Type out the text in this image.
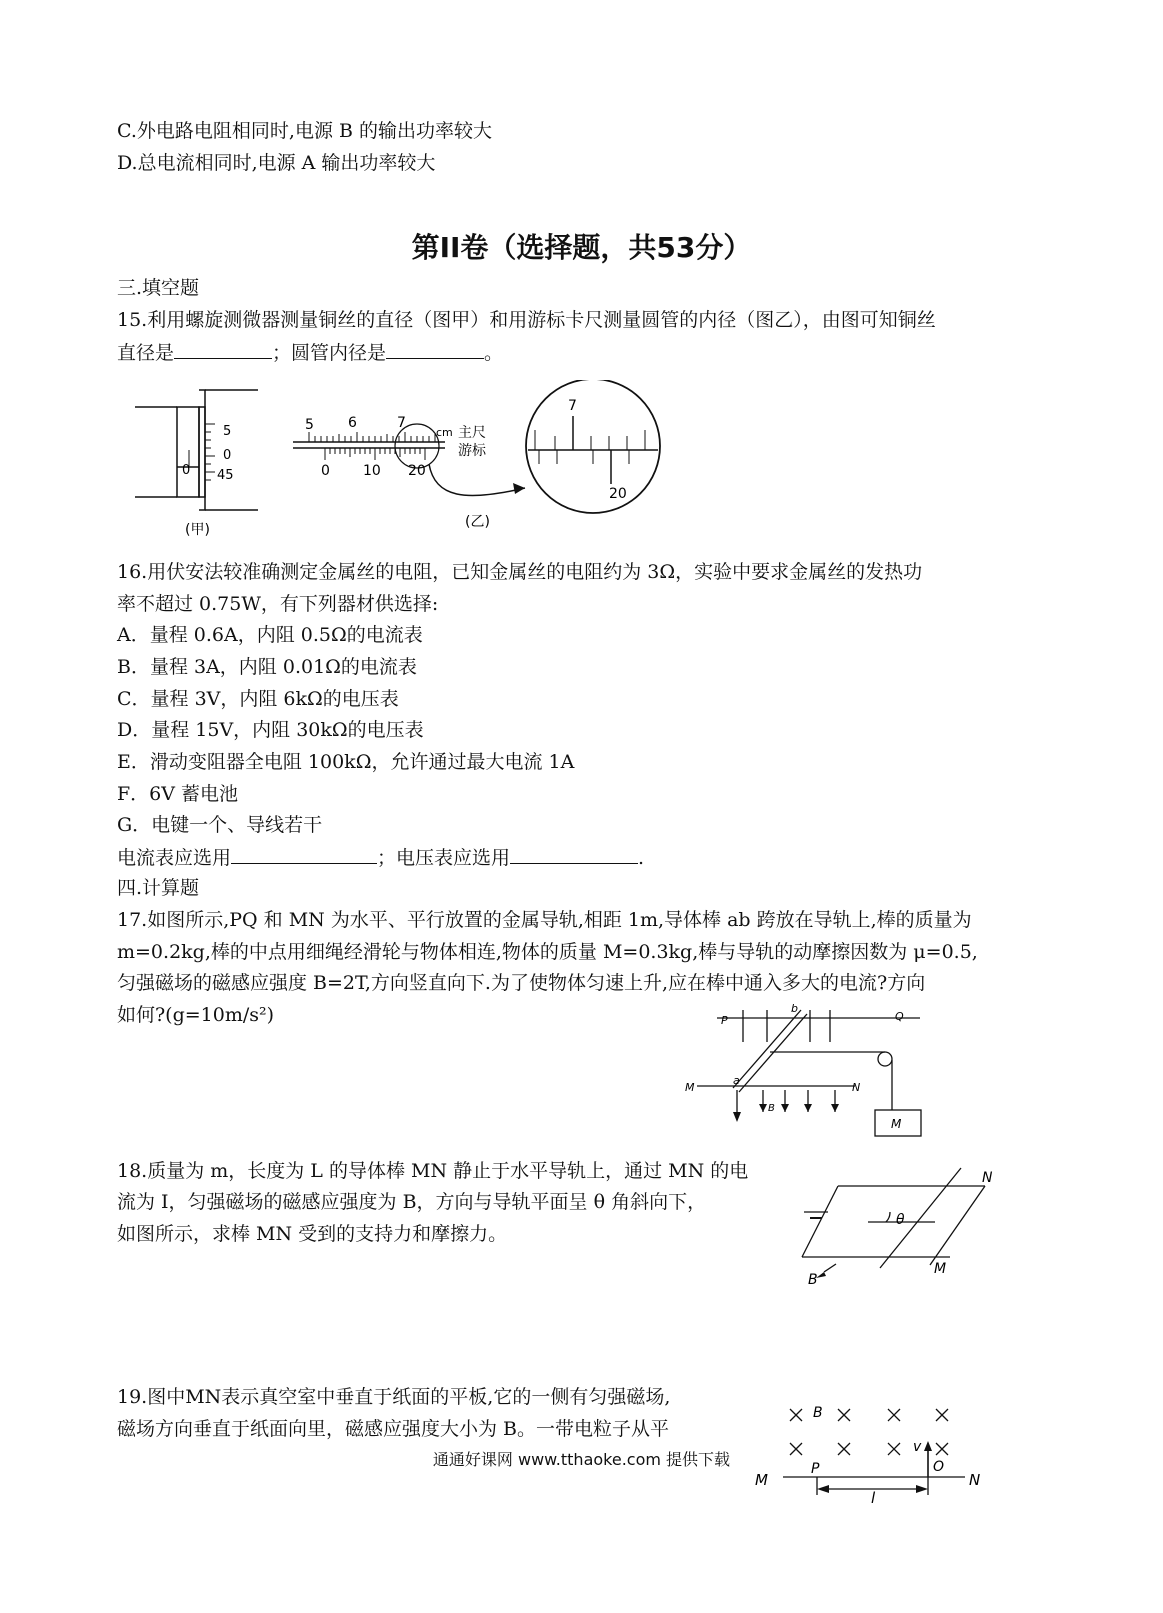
C.外电路电阻相同时,电源 B 的输出功率较大
D.总电流相同时,电源 A 输出功率较大
第II卷（选择题，共53分）
三.填空题
15.利用螺旋测微器测量铜丝的直径（图甲）和用游标卡尺测量圆管的内径（图乙），由图可知铜丝
直径是	；圆管内径是	。
5
0
45
0
(甲)
5 6	7
cm 主尺
游标
0 10 20
7
20
(乙)
16.用伏安法较准确测定金属丝的电阻，已知金属丝的电阻约为 3Ω，实验中要求金属丝的发热功
率不超过 0.75W，有下列器材供选择:
A．量程 0.6A，内阻 0.5Ω的电流表
B．量程 3A，内阻 0.01Ω的电流表
C．量程 3V，内阻 6kΩ的电压表
D．量程 15V，内阻 30kΩ的电压表
E．滑动变阻器全电阻 100kΩ，允许通过最大电流 1A
F．6V 蓄电池
G．电键一个、导线若干
电流表应选用	；电压表应选用	.
四.计算题
17.如图所示,PQ 和 MN 为水平、平行放置的金属导轨,相距 1m,导体棒 ab 跨放在导轨上,棒的质量为
m=0.2kg,棒的中点用细绳经滑轮与物体相连,物体的质量 M=0.3kg,棒与导轨的动摩擦因数为 μ=0.5,
匀强磁场的磁感应强度 B=2T,方向竖直向下.为了使物体匀速上升,应在棒中通入多大的电流?方向
如何?(g=10m/s²)	P	Q
M	N
a
b
B
M
18.质量为 m，长度为 L 的导体棒 MN 静止于水平导轨上，通过 MN 的电
流为 I，匀强磁场的磁感应强度为 B，方向与导轨平面呈 θ 角斜向下，
如图所示，求棒 MN 受到的支持力和摩擦力。
N
M
B
θ
19.图中MN表示真空室中垂直于纸面的平板,它的一侧有匀强磁场,
磁场方向垂直于纸面向里，磁感应强度大小为 B。一带电粒子从平
B
v
M	N
P	O
l
通通好课网 www.tthaoke.com 提供下载
